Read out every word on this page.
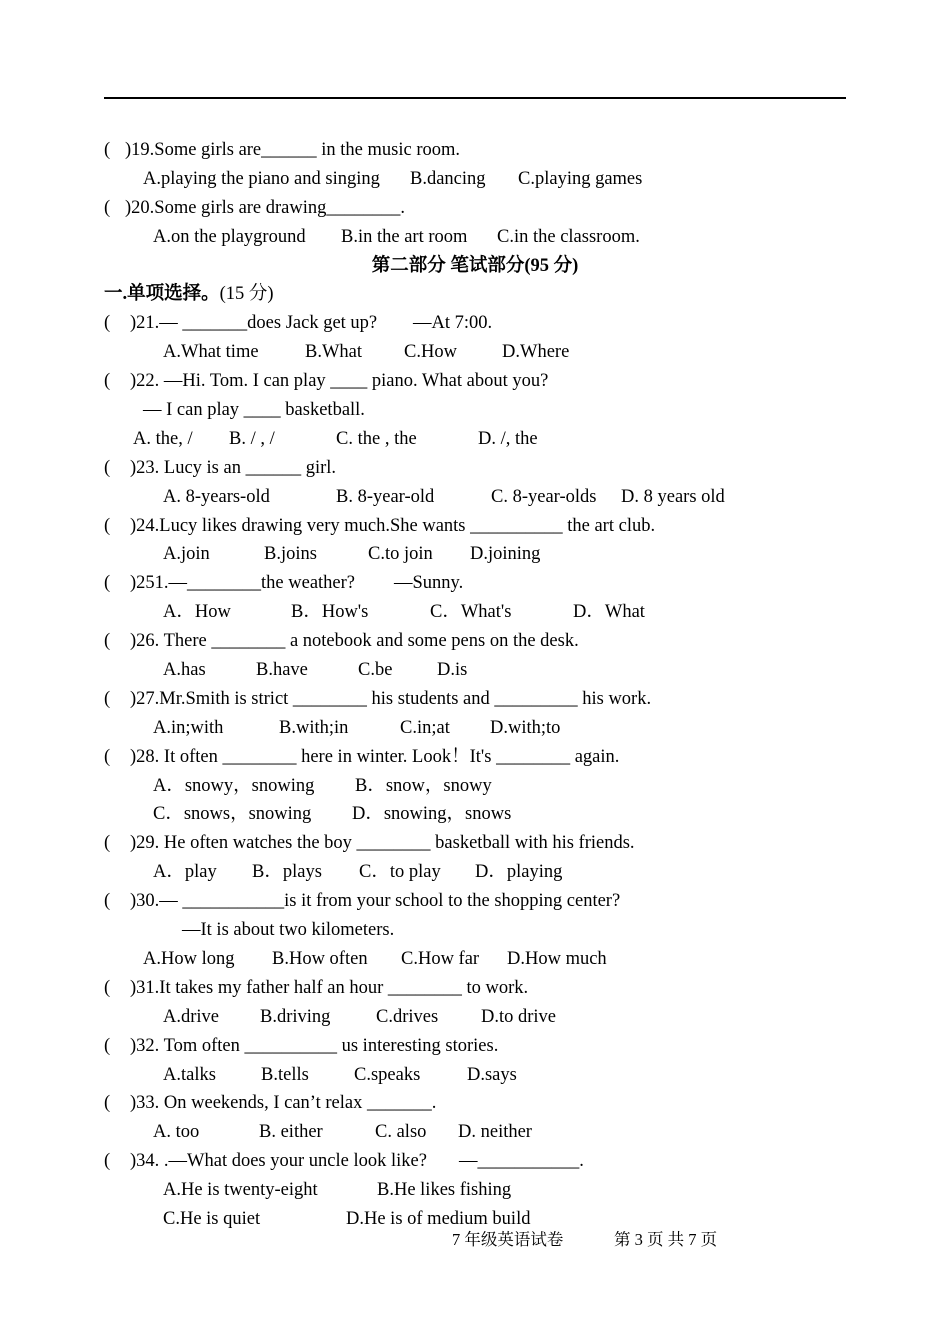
( )19.Some girls are______ in the music room.
A.playing the piano and singing B.dancing C.playing games
( )20.Some girls are drawing________.
A.on the playground B.in the art room C.in the classroom.
第二部分 笔试部分(95 分)
一.单项选择。(15 分)
( )21.— _______does Jack get up? —At 7:00.
A.What time	B.What C.How D.Where
( )22. —Hi. Tom. I can play ____ piano. What about you?
— I can play ____ basketball.
A. the, / B. / , /	C. the , the	D. /, the
( )23. Lucy is an ______ girl.
A. 8-years-old	B. 8-year-old	C. 8-year-olds D. 8 years old
( )24.Lucy likes drawing very much.She wants __________ the art club.
A.join	B.joins	C.to join D.joining
( )251.—________the weather? —Sunny.
A．How	B．How's	C．What's	D．What
( )26. There ________ a notebook and some pens on the desk.
A.has	B.have	C.be D.is
( )27.Mr.Smith is strict ________ his students and _________ his work.
A.in;with	B.with;in	C.in;at D.with;to
( )28. It often ________ here in winter. Look！It's ________ again.
A．snowy，snowing B．snow，snowy
C．snows，snowing D．snowing，snows
( )29. He often watches the boy ________ basketball with his friends.
A．play B．plays C．to play D．playing
( )30.— ___________is it from your school to the shopping center?
—It is about two kilometers.
A.How long B.How often C.How far D.How much
( )31.It takes my father half an hour ________ to work.
A.drive B.driving C.drives D.to drive
( )32. Tom often __________ us interesting stories.
A.talks B.tells C.speaks	D.says
( )33. On weekends, I can’t relax _______.
A. too	B. either	C. also D. neither
( )34. .—What does your uncle look like? —___________.
A.He is twenty-eight	B.He likes fishing
C.He is quiet	D.He is of medium build
7 年级英语试卷	第 3 页 共 7 页
